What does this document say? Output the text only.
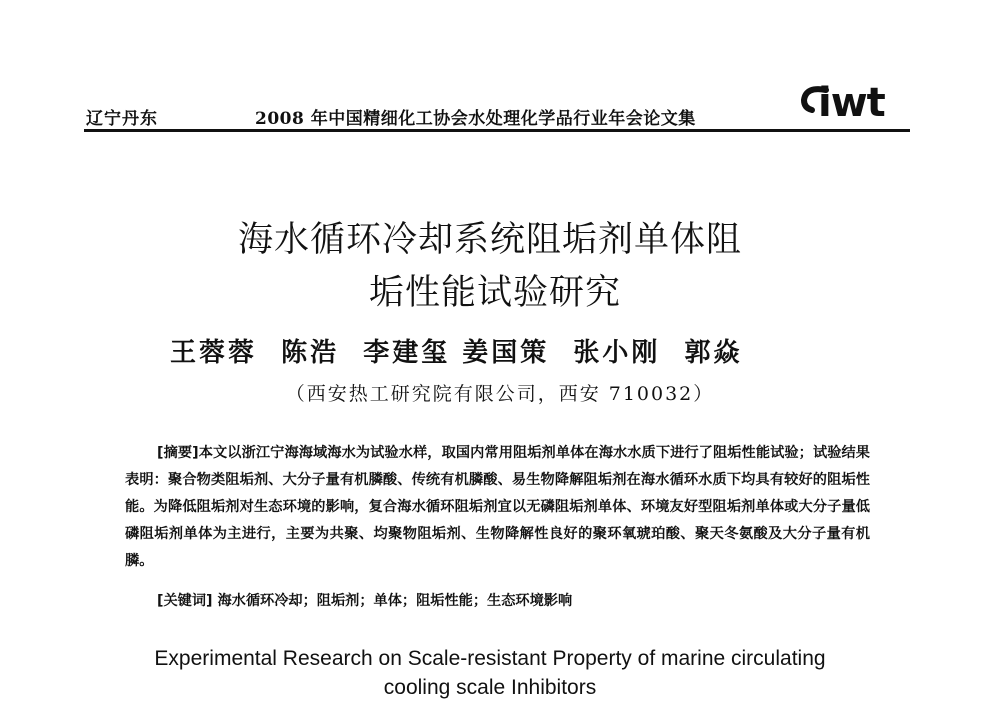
辽宁丹东	2008 年中国精细化工协会水处理化学品行业年会论文集	iwt
海水循环冷却系统阻垢剂单体阻
垢性能试验研究
王蓉蓉  陈浩  李建玺 姜国策  张小刚  郭焱
（西安热工研究院有限公司，西安 710032）
[摘要]本文以浙江宁海海域海水为试验水样，取国内常用阻垢剂单体在海水水质下进行了阻垢性能试验；试验结果表明：聚合物类阻垢剂、大分子量有机膦酸、传统有机膦酸、易生物降解阻垢剂在海水循环水质下均具有较好的阻垢性能。为降低阻垢剂对生态环境的影响，复合海水循环阻垢剂宜以无磷阻垢剂单体、环境友好型阻垢剂单体或大分子量低磷阻垢剂单体为主进行，主要为共聚、均聚物阻垢剂、生物降解性良好的聚环氧琥珀酸、聚天冬氨酸及大分子量有机膦。
[关键词] 海水循环冷却；阻垢剂；单体；阻垢性能；生态环境影响
Experimental Research on Scale-resistant Property of marine circulating
cooling scale Inhibitors
